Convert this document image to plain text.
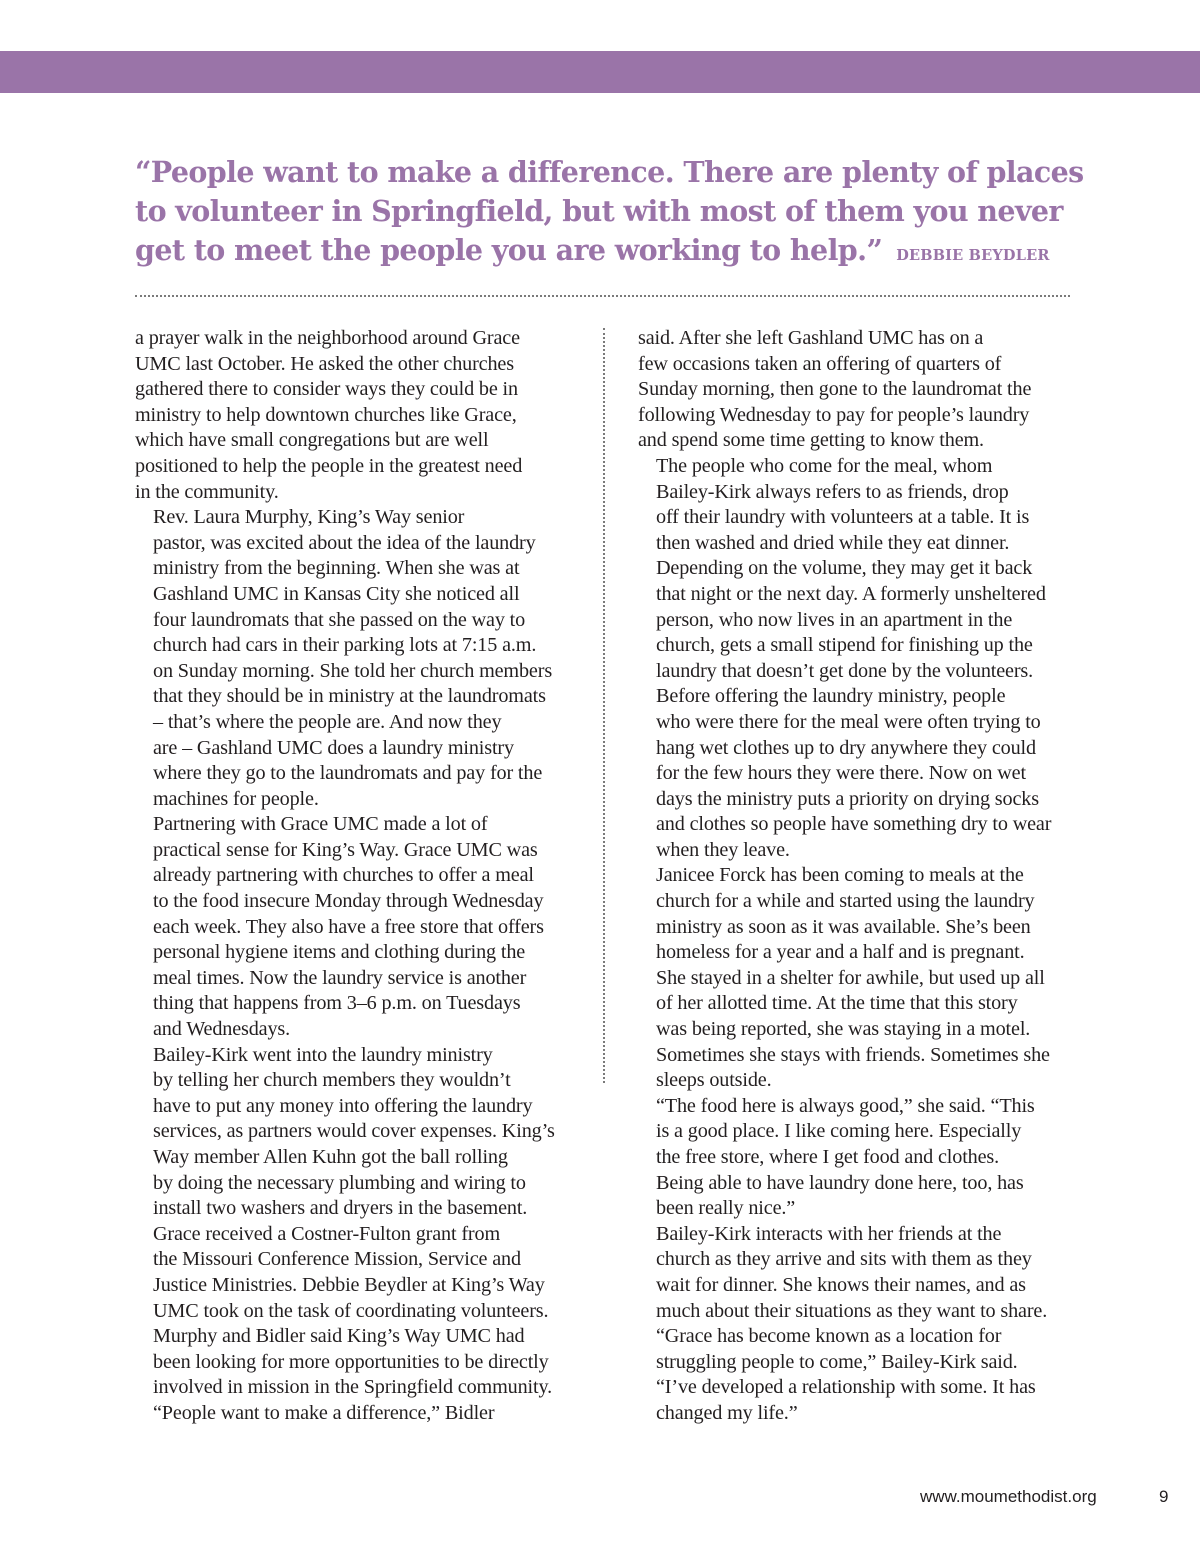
“People want to make a difference. There are plenty of places
to volunteer in Springfield, but with most of them you never
get to meet the people you are working to help.” DEBBIE BEYDLER

a prayer walk in the neighborhood around Grace
UMC last October. He asked the other churches
gathered there to consider ways they could be in
ministry to help downtown churches like Grace,
which have small congregations but are well
positioned to help the people in the greatest need
in the community.

Rev. Laura Murphy, King’s Way senior
pastor, was excited about the idea of the laundry
ministry from the beginning. When she was at
Gashland UMC in Kansas City she noticed all
four laundromats that she passed on the way to
church had cars in their parking lots at 7:15 a.m.
on Sunday morning. She told her church members
that they should be in ministry at the laundromats
– that’s where the people are. And now they
are – Gashland UMC does a laundry ministry
where they go to the laundromats and pay for the
machines for people.

Partnering with Grace UMC made a lot of
practical sense for King’s Way. Grace UMC was
already partnering with churches to offer a meal
to the food insecure Monday through Wednesday
each week. They also have a free store that offers
personal hygiene items and clothing during the
meal times. Now the laundry service is another
thing that happens from 3–6 p.m. on Tuesdays
and Wednesdays.

Bailey-Kirk went into the laundry ministry
by telling her church members they wouldn’t
have to put any money into offering the laundry
services, as partners would cover expenses. King’s
Way member Allen Kuhn got the ball rolling
by doing the necessary plumbing and wiring to
install two washers and dryers in the basement.
Grace received a Costner-Fulton grant from
the Missouri Conference Mission, Service and
Justice Ministries. Debbie Beydler at King’s Way
UMC took on the task of coordinating volunteers.
Murphy and Bidler said King’s Way UMC had
been looking for more opportunities to be directly
involved in mission in the Springfield community.

“People want to make a difference,” Bidler

said. After she left Gashland UMC has on a
few occasions taken an offering of quarters of
Sunday morning, then gone to the laundromat the
following Wednesday to pay for people’s laundry
and spend some time getting to know them.

The people who come for the meal, whom
Bailey-Kirk always refers to as friends, drop
off their laundry with volunteers at a table. It is
then washed and dried while they eat dinner.
Depending on the volume, they may get it back
that night or the next day. A formerly unsheltered
person, who now lives in an apartment in the
church, gets a small stipend for finishing up the
laundry that doesn’t get done by the volunteers.

Before offering the laundry ministry, people
who were there for the meal were often trying to
hang wet clothes up to dry anywhere they could
for the few hours they were there. Now on wet
days the ministry puts a priority on drying socks
and clothes so people have something dry to wear
when they leave.

Janicee Forck has been coming to meals at the
church for a while and started using the laundry
ministry as soon as it was available. She’s been
homeless for a year and a half and is pregnant.
She stayed in a shelter for awhile, but used up all
of her allotted time. At the time that this story
was being reported, she was staying in a motel.
Sometimes she stays with friends. Sometimes she
sleeps outside.

“The food here is always good,” she said. “This
is a good place. I like coming here. Especially
the free store, where I get food and clothes.
Being able to have laundry done here, too, has
been really nice.”

Bailey-Kirk interacts with her friends at the
church as they arrive and sits with them as they
wait for dinner. She knows their names, and as
much about their situations as they want to share.

“Grace has become known as a location for
struggling people to come,” Bailey-Kirk said.
“I’ve developed a relationship with some. It has
changed my life.”

www.moumethodist.org	9
